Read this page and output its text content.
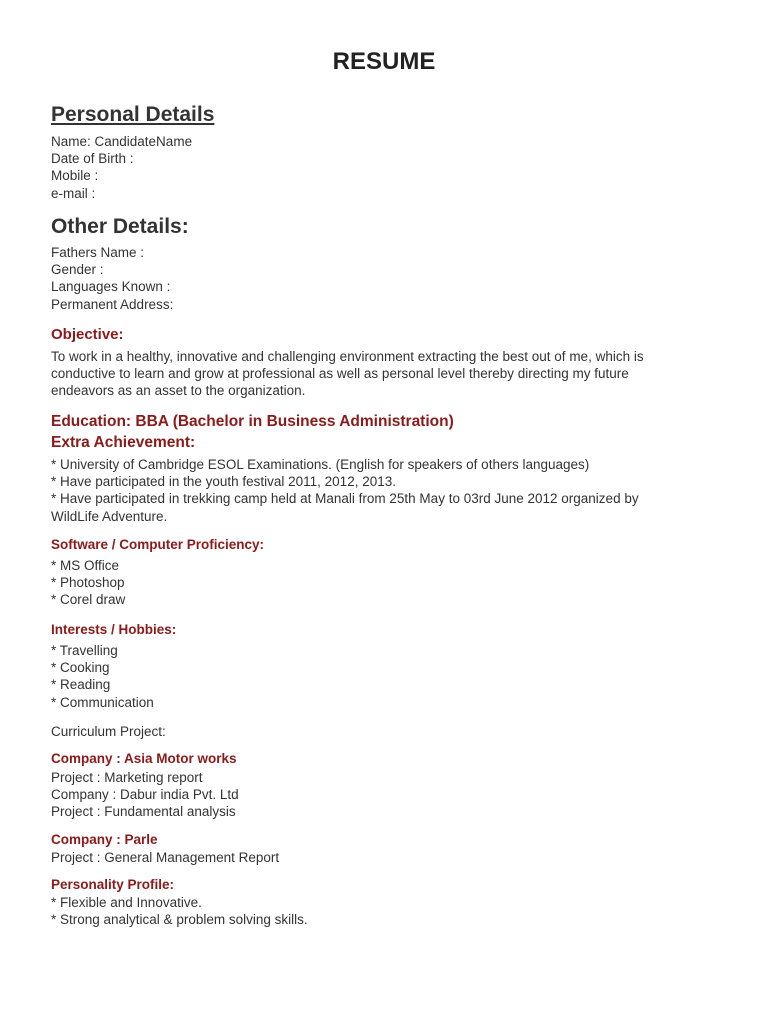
RESUME
Personal Details
Name: CandidateName
Date of Birth :
Mobile :
e-mail :
Other Details:
Fathers Name :
Gender :
Languages Known :
Permanent Address:
Objective:
To work in a healthy, innovative and challenging environment extracting the best out of me, which is
conductive to learn and grow at professional as well as personal level thereby directing my future
endeavors as an asset to the organization.
Education: BBA (Bachelor in Business Administration)
Extra Achievement:
* University of Cambridge ESOL Examinations. (English for speakers of others languages)
* Have participated in the youth festival 2011, 2012, 2013.
* Have participated in trekking camp held at Manali from 25th May to 03rd June 2012 organized by
WildLife Adventure.
Software / Computer Proficiency:
* MS Office
* Photoshop
* Corel draw
Interests / Hobbies:
* Travelling
* Cooking
* Reading
* Communication
Curriculum Project:
Company : Asia Motor works
Project : Marketing report
Company : Dabur india Pvt. Ltd
Project : Fundamental analysis
Company : Parle
Project : General Management Report
Personality Profile:
* Flexible and Innovative.
* Strong analytical & problem solving skills.
